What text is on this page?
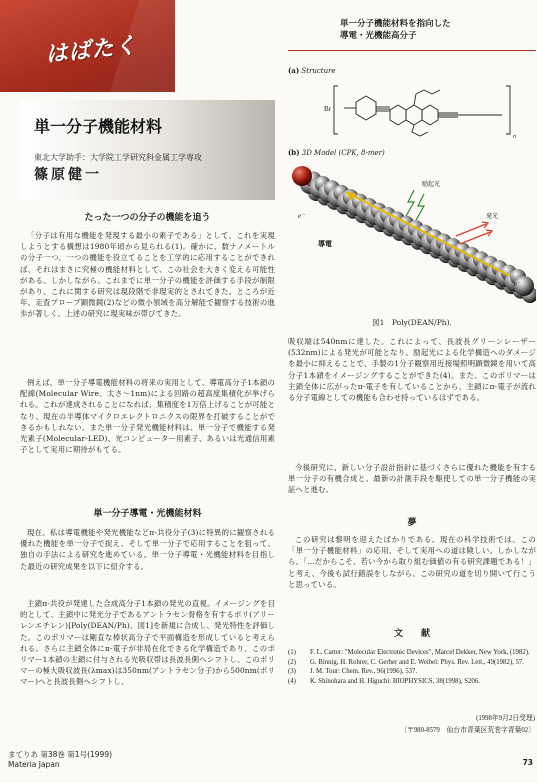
はばたく
単一分子機能材料
東北大学助手：大学院工学研究科金属工学専攻
篠原健一
たった一つの分子の機能を追う

「分子は有用な機能を発現する最小の素子である」として、これを実現しようとする構想は1980年頃から見られる(1)。確かに、数ナノメートルの分子一つ、一つの機能を役立てることを工学的に応用することができれば、それはまさに究極の機能材料として、この社会を大きく変える可能性がある。しかしながら、これまでに単一分子の機能を評価する手段が制限があり、これに関する研究は現段階で非現実的とされてきた。ところが近年、走査プローブ顕微鏡(2)などの微小領域を高分解能で観察する技術の進歩が著しく、上述の研究に現実味が帯びてきた。

例えば、単一分子導電機能材料の将来の実用として、導電高分子1本鎖の配線(Molecular Wire、太さ～1nm)による回路の超高度集積化が挙げられる。これが達成されることになれば、集積度を1万倍上げることが可能となり、現在の半導体マイクロエレクトロニクスの限界を打破することができるかもしれない。また単一分子発光機能材料は、単一分子で機能する発光素子(Molecular-LED)、光コンピューター用素子、あるいは光通信用素子として実用に期待がもてる。

単一分子導電・光機能材料

現在、私は導電機能や発光機能などπ-共役分子(3)に特異的に観察される優れた機能を単一分子で捉え、そして単一分子で応用することを狙って、独自の手法による研究を進めている。単一分子導電・光機能材料を目指した最近の研究成果を以下に紹介する。

主鎖π-共役が発達した合成高分子1本鎖の発光の直視。イメージングを目的として、主鎖中に発光分子であるアントラセン骨格を有するポリ(アリーレンエチレン)[Poly(DEAN/Ph)、図1]を新規に合成し、発光特性を評価した。このポリマーは剛直な棒状高分子で平面構造を形成していると考えられる。さらに主鎖全体にπ-電子が非局在化できる化学構造であり、このポリマー1本鎖の主鎖に付与される光吸収帯は長波長側へシフトし、このポリマーの極大吸収波長(λmax)は350nm(アントラセン分子)から500nm(ポリマー)へと長波長側へシフトし、

まてりあ 第38巻 第1号(1999)
Materia Japan
単一分子機能材料を指向した
導電・光機能高分子
(a) Structure
Br
n
(b) 3D Model (CPK, 8-mer)
励起光
導電
発光
e⁻
e⁻
図1　Poly(DEAN/Ph).

吸収端は540nmに達した。これによって、長波長グリーンレーザー(532nm)による発光が可能となり、励起光による化学構造へのダメージを最小に抑えることで、手製の1分子観察用近接場照明顕微鏡を用いて高分子1本鎖をイメージングすることができた(4)。また、このポリマーは主鎖全体に広がったπ-電子を有していることから、主鎖にπ-電子が流れる分子電線としての機能も合わせ持っているはずである。

今後研究に、新しい分子設計指針に基づくさらに優れた機能を有する単一分子の有機合成と、最新の計測手段を駆使しての単一分子機能の実証へと進む。

夢

この研究は黎明を迎えたばかりである。現在の科学技術では、この「単一分子機能材料」の応用、そして実用への道は険しい。しかしながら、「…だからこそ、若い今から取り組む価値の有る研究課題である！」と考え、今後も試行錯誤をしながら、この研究の道を切り開いて行こうと思っている。

文　　献
(1)	F. L. Carter: "Molecular Electronic Devices", Marcel Dekker, New York, (1982).
(2)	G. Binnig, H. Rohrer, C. Gerber and E. Weibel: Phys. Rev. Lett., 49(1982), 57.
(3)	J. M. Tour: Chem. Rev., 96(1996), 537.
(4)	K. Shinohara and H. Higuchi: BIOPHYSICS, 38(1998), S206.
(1998年9月2日受理)
〔〒980-8579　仙台市青葉区荒巻字青葉02〕
73
